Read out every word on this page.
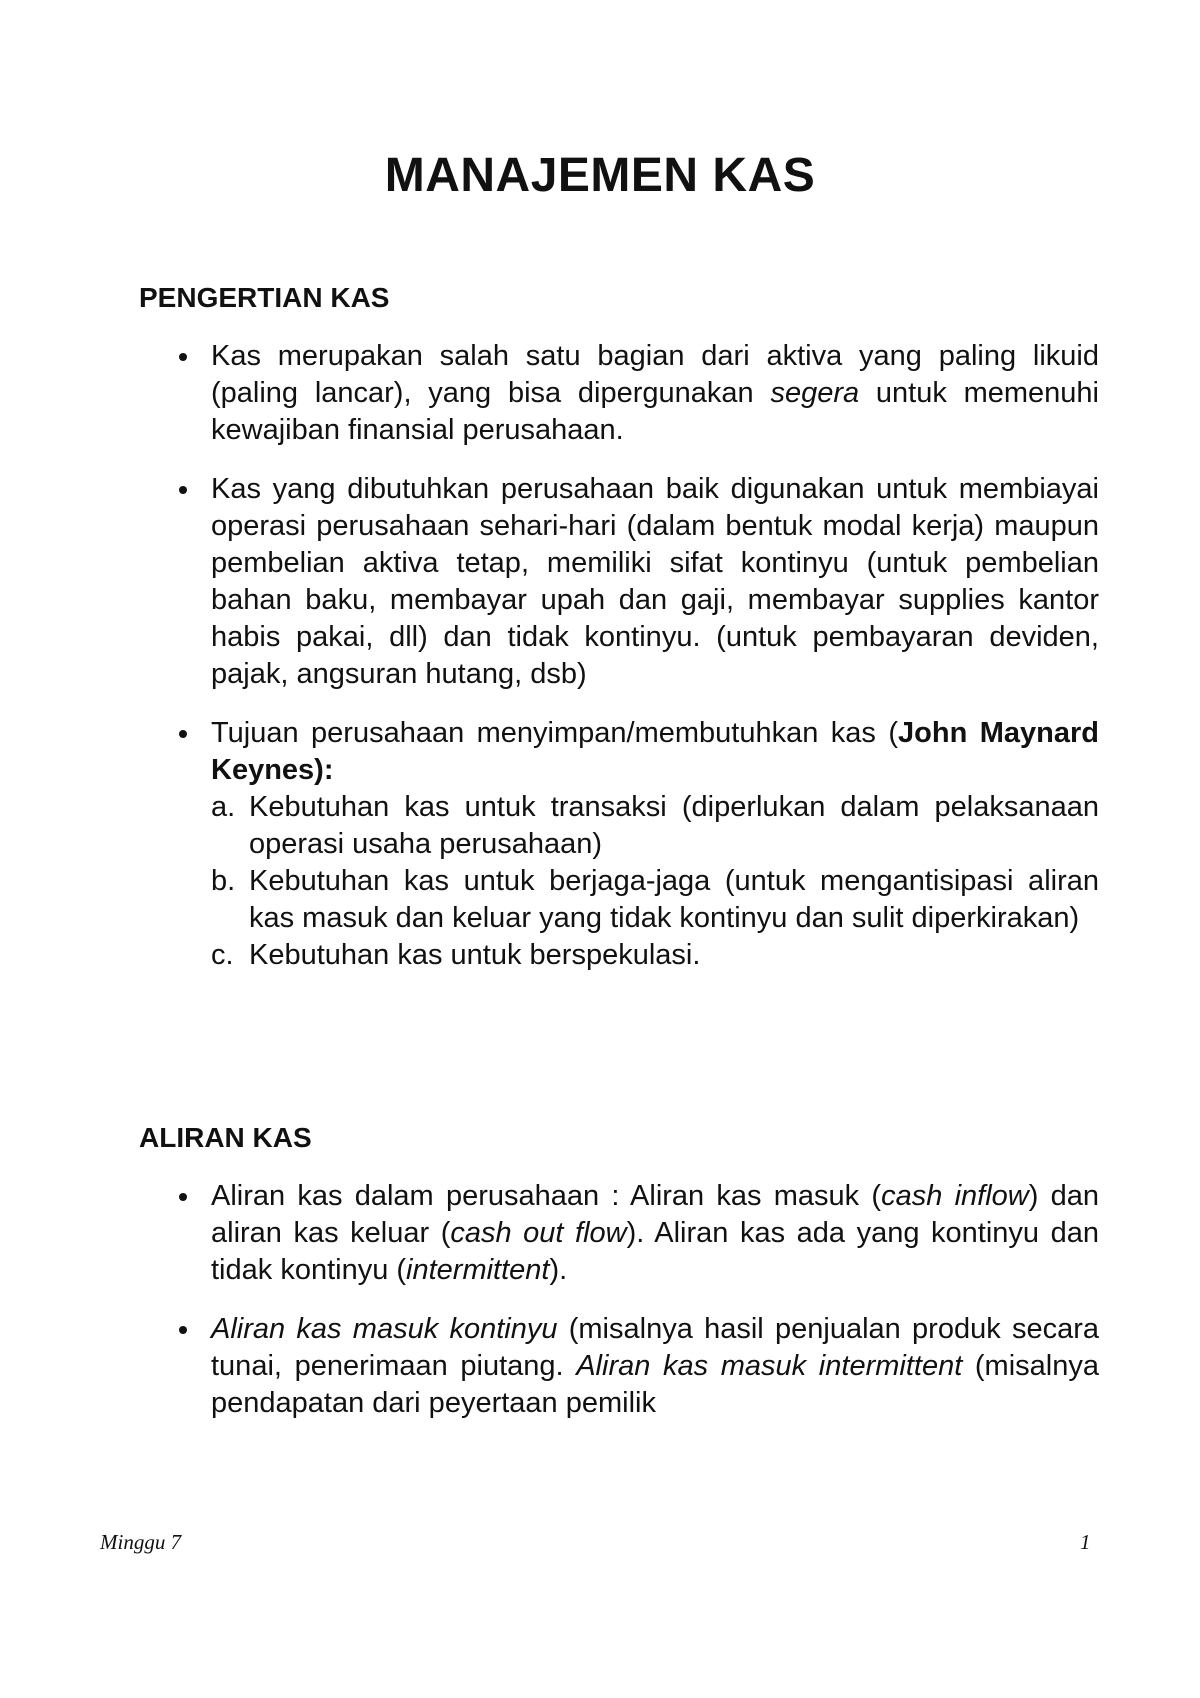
MANAJEMEN KAS
PENGERTIAN KAS
Kas merupakan salah satu bagian dari aktiva yang paling likuid (paling lancar), yang bisa dipergunakan segera untuk memenuhi kewajiban finansial perusahaan.
Kas yang dibutuhkan perusahaan baik digunakan untuk membiayai operasi perusahaan sehari-hari (dalam bentuk modal kerja) maupun pembelian aktiva tetap, memiliki sifat kontinyu (untuk pembelian bahan baku, membayar upah dan gaji, membayar supplies kantor habis pakai, dll) dan tidak kontinyu. (untuk pembayaran deviden, pajak, angsuran hutang, dsb)
Tujuan perusahaan menyimpan/membutuhkan kas (John Maynard Keynes):
a. Kebutuhan kas untuk transaksi (diperlukan dalam pelaksanaan operasi usaha perusahaan)
b. Kebutuhan kas untuk berjaga-jaga (untuk mengantisipasi aliran kas masuk dan keluar yang tidak kontinyu dan sulit diperkirakan)
c. Kebutuhan kas untuk berspekulasi.
ALIRAN KAS
Aliran kas dalam perusahaan : Aliran kas masuk (cash inflow) dan aliran kas keluar (cash out flow). Aliran kas ada yang kontinyu dan tidak kontinyu (intermittent).
Aliran kas masuk kontinyu (misalnya hasil penjualan produk secara tunai, penerimaan piutang. Aliran kas masuk intermittent (misalnya pendapatan dari peyertaan pemilik
Minggu 7	1
